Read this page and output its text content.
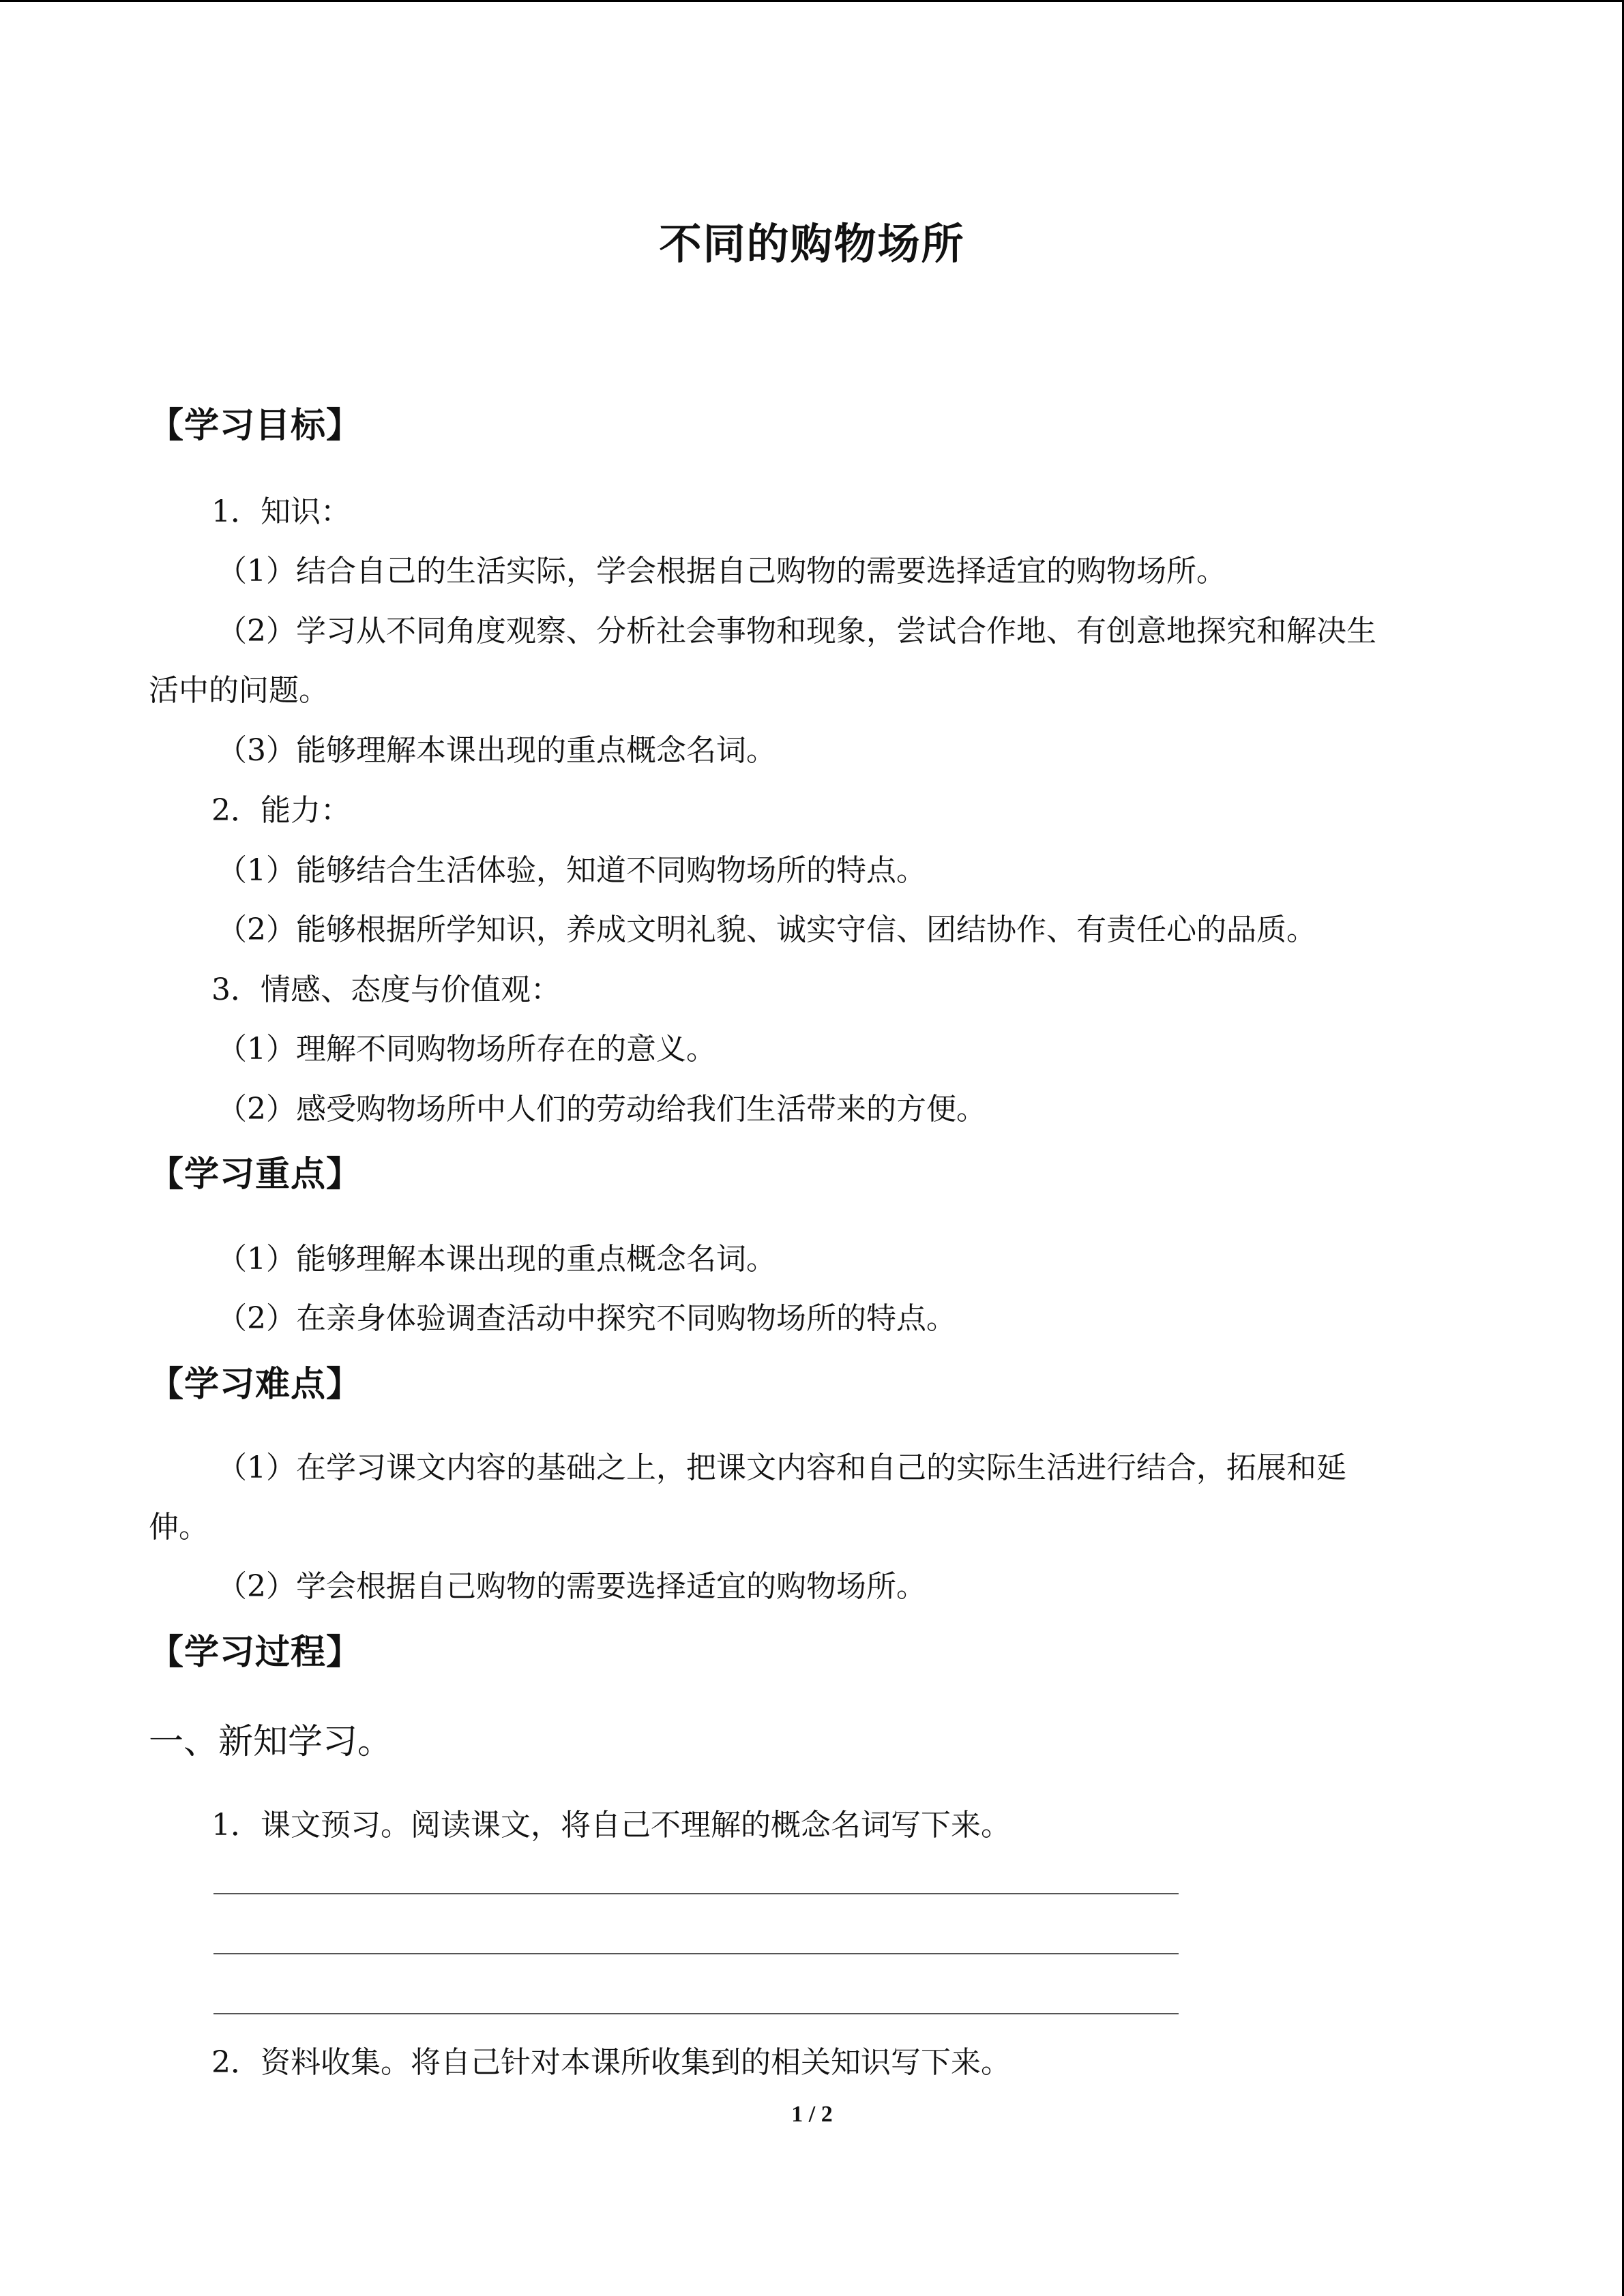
不同的购物场所
【学习目标】
1．知识：
（1）结合自己的生活实际，学会根据自己购物的需要选择适宜的购物场所。
（2）学习从不同角度观察、分析社会事物和现象，尝试合作地、有创意地探究和解决生
活中的问题。
（3）能够理解本课出现的重点概念名词。
2．能力：
（1）能够结合生活体验，知道不同购物场所的特点。
（2）能够根据所学知识，养成文明礼貌、诚实守信、团结协作、有责任心的品质。
3．情感、态度与价值观：
（1）理解不同购物场所存在的意义。
（2）感受购物场所中人们的劳动给我们生活带来的方便。
【学习重点】
（1）能够理解本课出现的重点概念名词。
（2）在亲身体验调查活动中探究不同购物场所的特点。
【学习难点】
（1）在学习课文内容的基础之上，把课文内容和自己的实际生活进行结合，拓展和延
伸。
（2）学会根据自己购物的需要选择适宜的购物场所。
【学习过程】
一、新知学习。
1．课文预习。阅读课文，将自己不理解的概念名词写下来。
2．资料收集。将自己针对本课所收集到的相关知识写下来。
1 / 2
